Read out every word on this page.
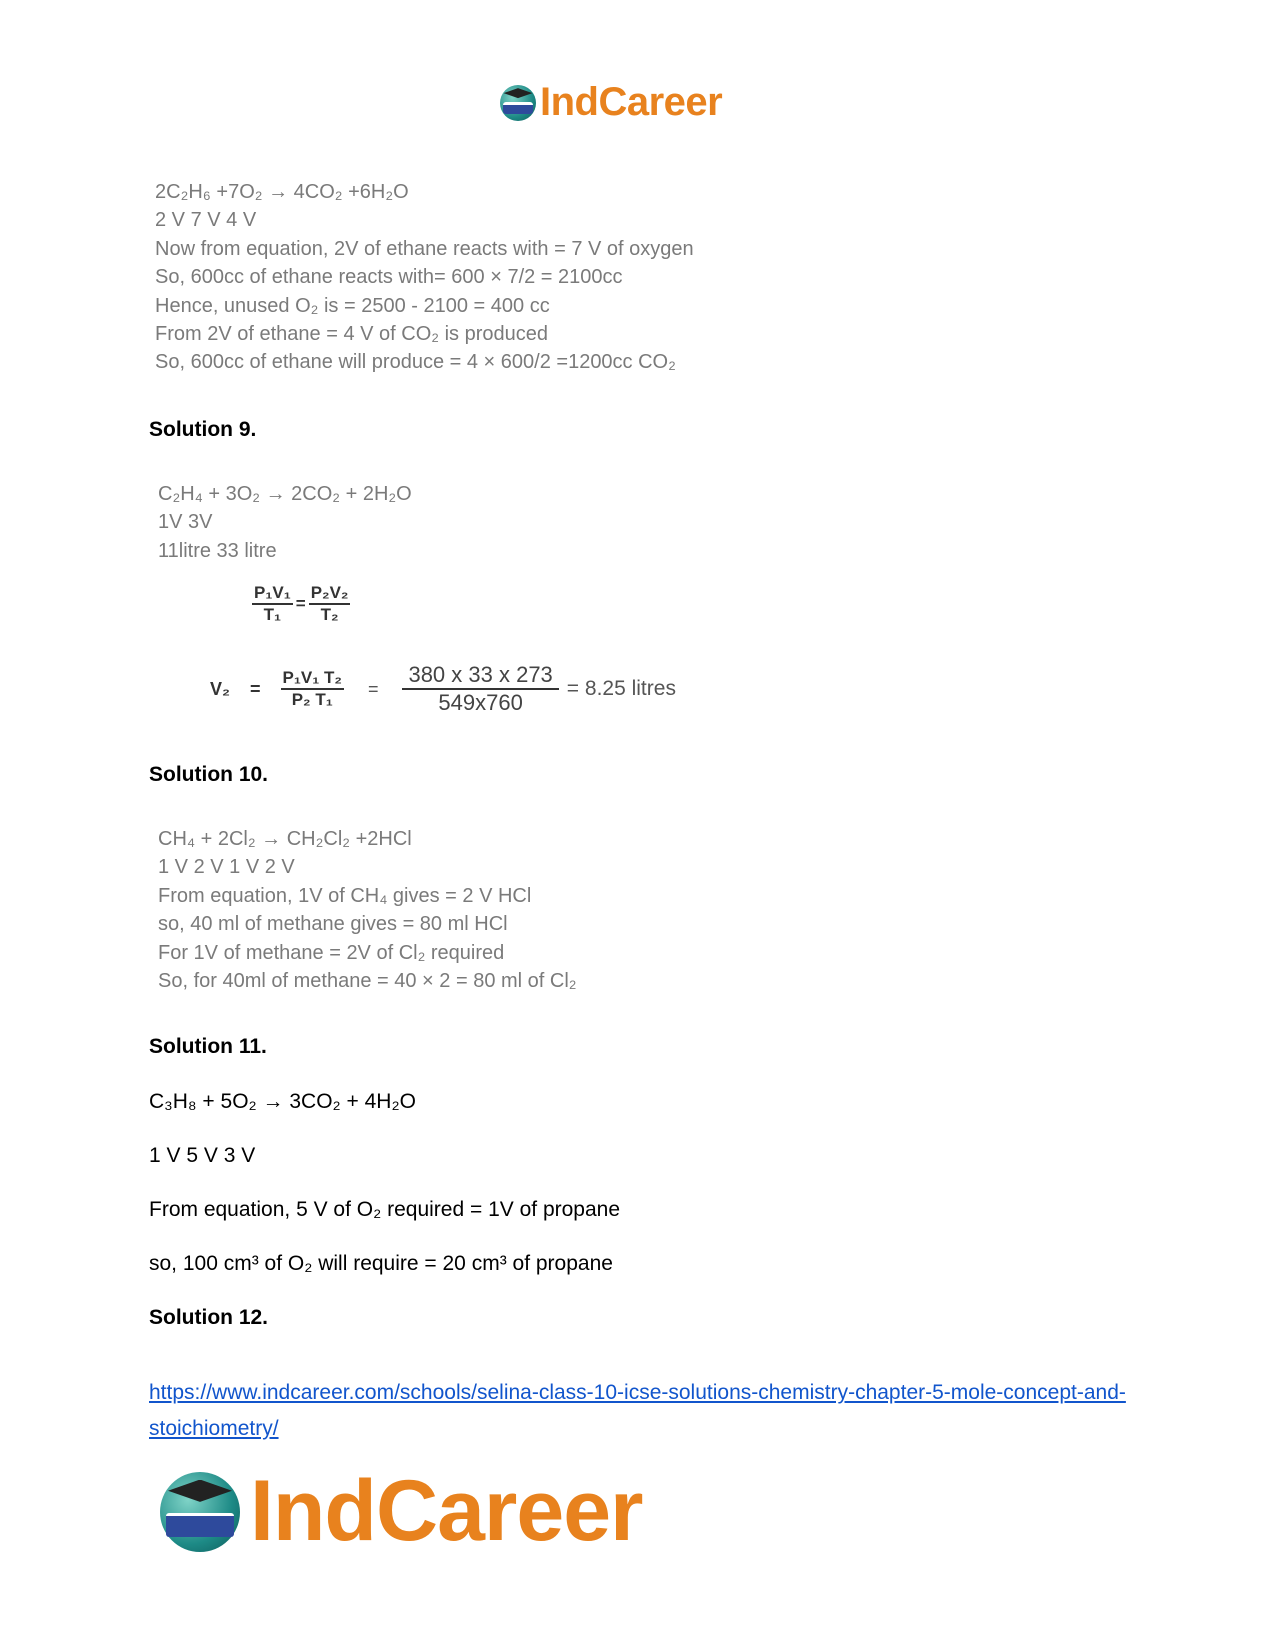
IndCareer
2C₂H₆ +7O₂ → 4CO₂ +6H₂O
2 V 7 V 4 V
Now from equation, 2V of ethane reacts with = 7 V of oxygen
So, 600cc of ethane reacts with= 600 × 7/2 = 2100cc
Hence, unused O₂ is = 2500 - 2100 = 400 cc
From 2V of ethane = 4 V of CO₂ is produced
So, 600cc of ethane will produce = 4 × 600/2 =1200cc CO₂
Solution 9.
C₂H₄ + 3O₂ → 2CO₂ + 2H₂O
1V 3V
11litre 33 litre
$\frac{\text{P₁V₁}}{\text{T₁}} = \frac{\text{P₂V₂}}{\text{T₂}}$
$V_2 = \frac{\text{P₁V₁ T₂}}{\text{P₂ T₁}} = \frac{380 x 33 x 273}{549x760} = 8.25$ litres
Solution 10.
CH₄ + 2Cl₂ → CH₂Cl₂ +2HCl
1 V 2 V 1 V 2 V
From equation, 1V of CH₄ gives = 2 V HCl
so, 40 ml of methane gives = 80 ml HCl
For 1V of methane = 2V of Cl₂ required
So, for 40ml of methane = 40 × 2 = 80 ml of Cl₂
Solution 11.
C₃H₈ + 5O₂ → 3CO₂ + 4H₂O
1 V 5 V 3 V
From equation, 5 V of O₂ required = 1V of propane
so, 100 cm³ of O₂ will require = 20 cm³ of propane
Solution 12.
https://www.indcareer.com/schools/selina-class-10-icse-solutions-chemistry-chapter-5-mole-concept-and-stoichiometry/
IndCareer
